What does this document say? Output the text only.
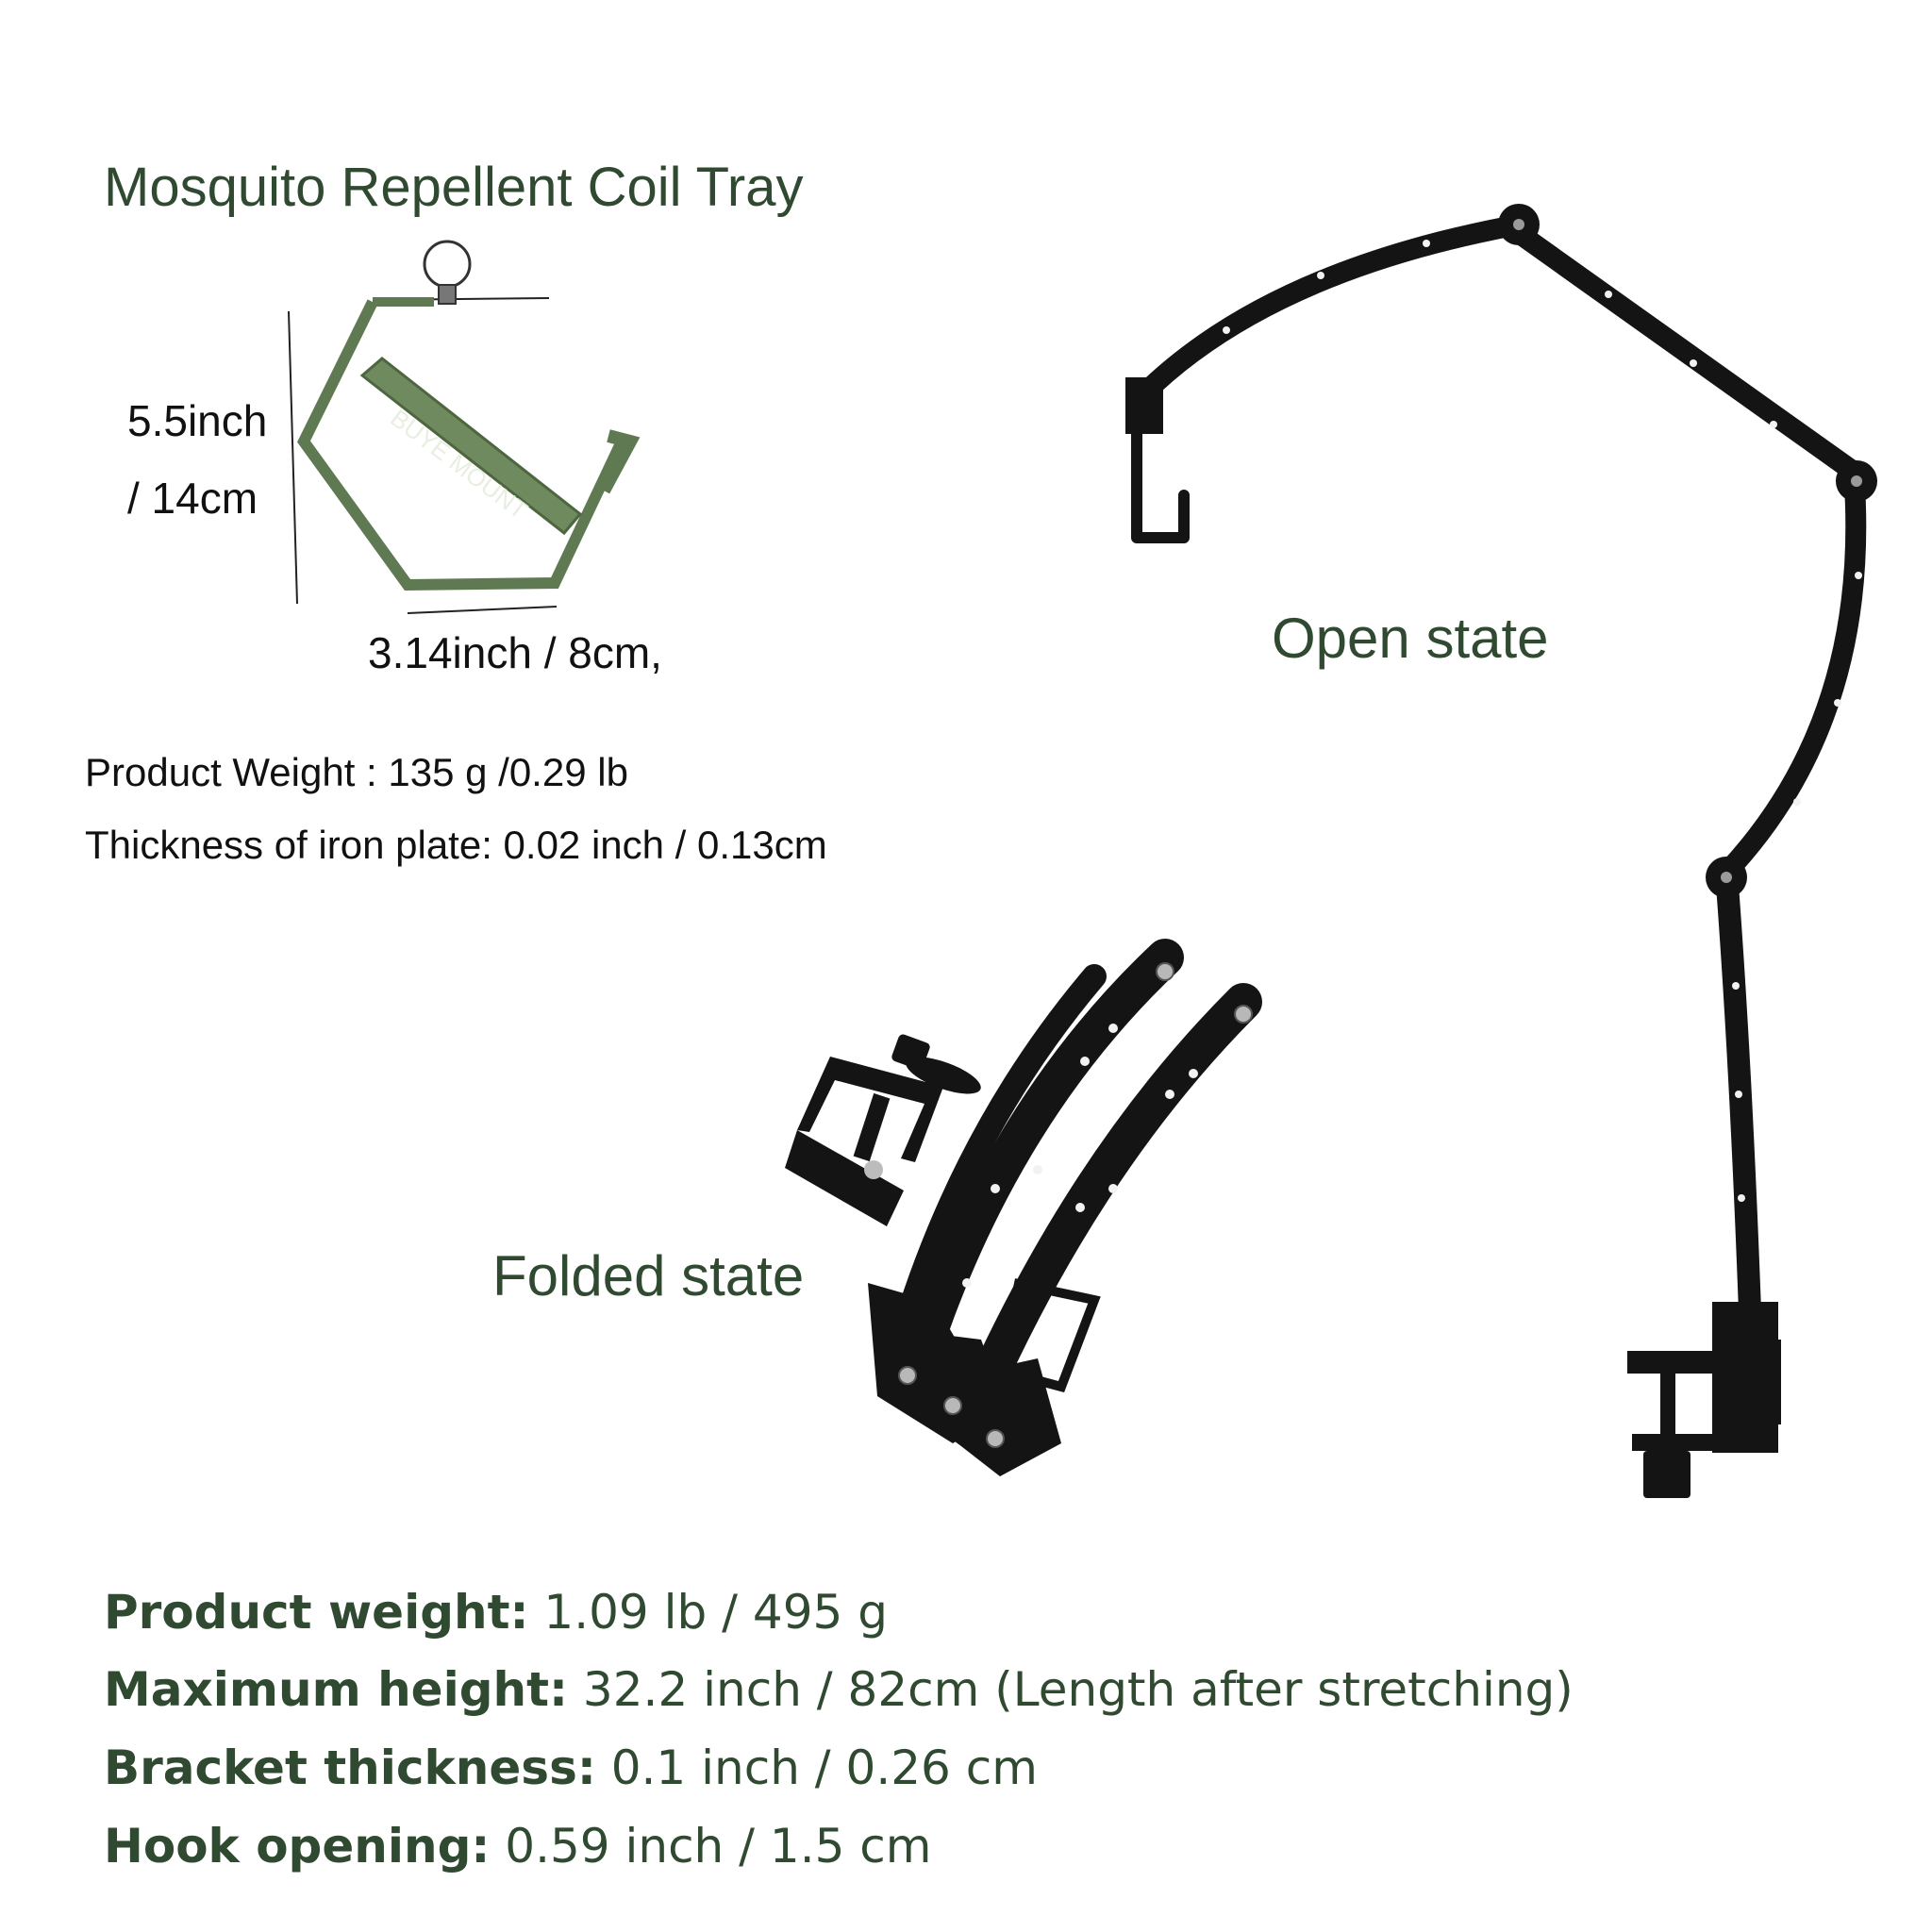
Mosquito Repellent Coil Tray
5.5inch
/ 14cm
3.14inch / 8cm,
Product Weight : 135 g /0.29 lb
Thickness of iron plate: 0.02 inch / 0.13cm
Open state
Folded state
Product weight: 1.09 lb / 495 g
Maximum height: 32.2 inch / 82cm (Length after stretching)
Bracket thickness: 0.1 inch / 0.26 cm
Hook opening: 0.59 inch / 1.5 cm
BUYE MOUNT
